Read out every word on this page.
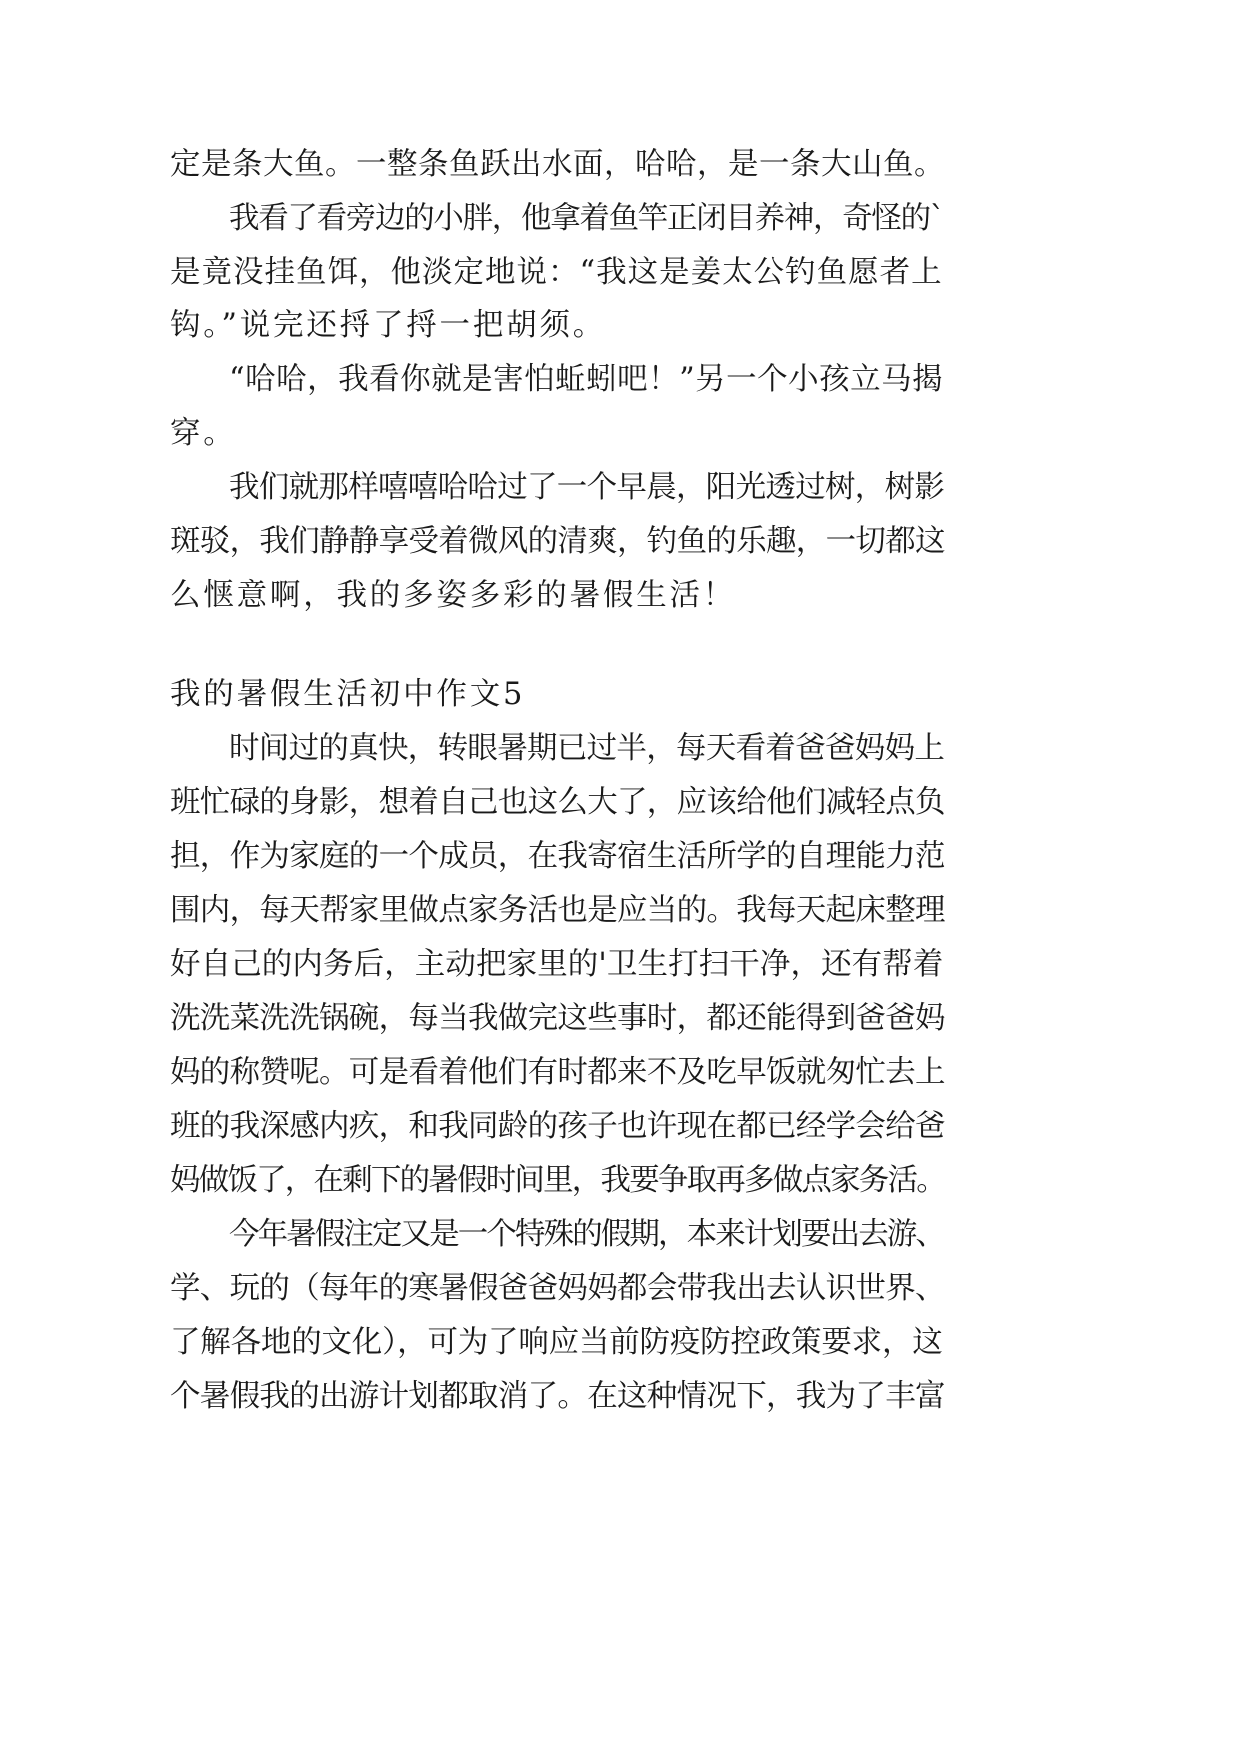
定是条大鱼。一整条鱼跃出水面，哈哈，是一条大山鱼。
我看了看旁边的小胖，他拿着鱼竿正闭目养神，奇怪的`
是竟没挂鱼饵，他淡定地说：“我这是姜太公钓鱼愿者上
钩。”说完还捋了捋一把胡须。
“哈哈，我看你就是害怕蚯蚓吧！”另一个小孩立马揭
穿。
我们就那样嘻嘻哈哈过了一个早晨，阳光透过树，树影
斑驳，我们静静享受着微风的清爽，钓鱼的乐趣，一切都这
么惬意啊，我的多姿多彩的暑假生活！
我的暑假生活初中作文5
时间过的真快，转眼暑期已过半，每天看着爸爸妈妈上
班忙碌的身影，想着自己也这么大了，应该给他们减轻点负
担，作为家庭的一个成员，在我寄宿生活所学的自理能力范
围内，每天帮家里做点家务活也是应当的。我每天起床整理
好自己的内务后，主动把家里的'卫生打扫干净，还有帮着
洗洗菜洗洗锅碗，每当我做完这些事时，都还能得到爸爸妈
妈的称赞呢。可是看着他们有时都来不及吃早饭就匆忙去上
班的我深感内疚，和我同龄的孩子也许现在都已经学会给爸
妈做饭了，在剩下的暑假时间里，我要争取再多做点家务活。
今年暑假注定又是一个特殊的假期，本来计划要出去游、
学、玩的（每年的寒暑假爸爸妈妈都会带我出去认识世界、
了解各地的文化），可为了响应当前防疫防控政策要求，这
个暑假我的出游计划都取消了。在这种情况下，我为了丰富
